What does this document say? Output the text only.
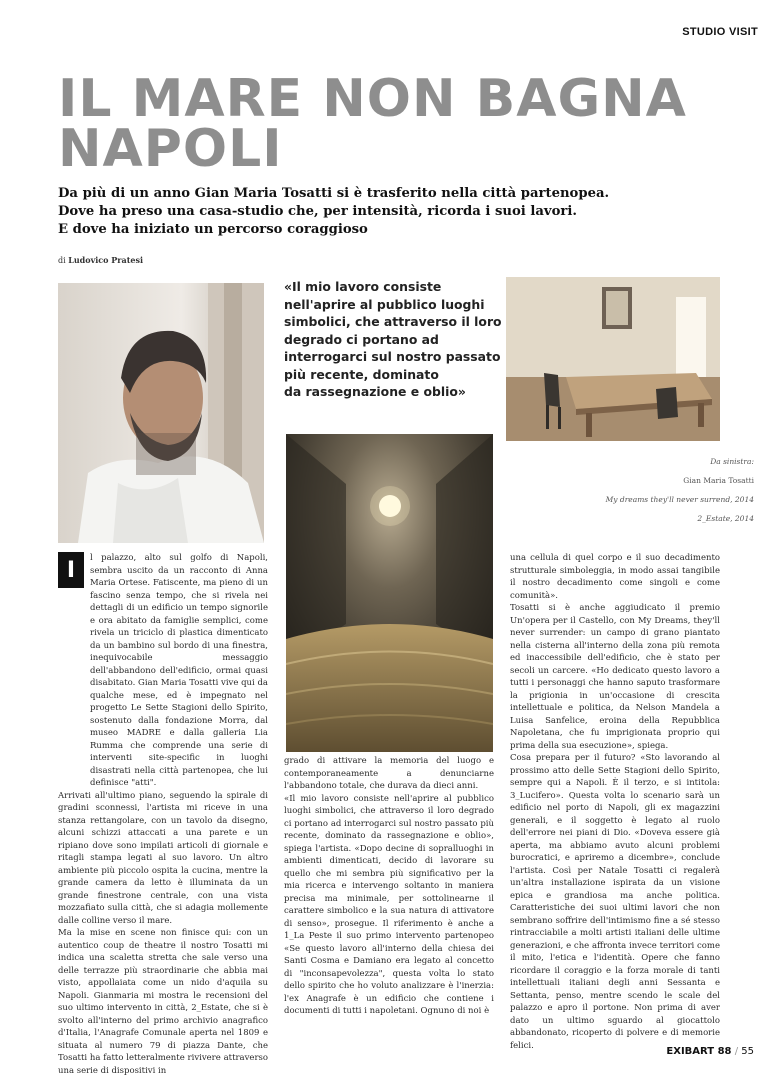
STUDIO VISIT
IL MARE NON BAGNA
NAPOLI

Da più di un anno Gian Maria Tosatti si è trasferito nella città partenopea.
Dove ha preso una casa-studio che, per intensità, ricorda i suoi lavori.
E dove ha iniziato un percorso coraggioso

di Ludovico Pratesi
«Il mio lavoro consiste
nell'aprire al pubblico luoghi
simbolici, che attraverso il loro
degrado ci portano ad
interrogarci sul nostro passato
più recente, dominato
da rassegnazione e oblio»
Da sinistra:
Gian Maria Tosatti
My dreams they'll never surrend, 2014
2_Estate, 2014
I	l palazzo, alto sul golfo di Napoli, sembra uscito da un racconto di Anna Maria Ortese. Fatiscente, ma pieno di un fascino senza tempo, che si rivela nei dettagli di un edificio un tempo signorile e ora abitato da famiglie semplici, come rivela un triciclo di plastica dimenticato da un bambino sul bordo di una finestra, inequivocabile messaggio dell'abbandono dell'edificio, ormai quasi disabitato. Gian Maria Tosatti vive qui da qualche mese, ed è impegnato nel progetto Le Sette Stagioni dello Spirito, sostenuto dalla fondazione Morra, dal museo MADRE e dalla galleria Lia Rumma che comprende una serie di interventi site-specific in luoghi disastrati nella città partenopea, che lui definisce "atti".

Arrivati all'ultimo piano, seguendo la spirale di gradini sconnessi, l'artista mi riceve in una stanza rettangolare, con un tavolo da disegno, alcuni schizzi attaccati a una parete e un ripiano dove sono impilati articoli di giornale e ritagli stampa legati al suo lavoro. Un altro ambiente più piccolo ospita la cucina, mentre la grande camera da letto è illuminata da un grande finestrone centrale, con una vista mozzafiato sulla città, che si adagia mollemente dalle colline verso il mare.

Ma la mise en scene non finisce qui: con un autentico coup de theatre il nostro Tosatti mi indica una scaletta stretta che sale verso una delle terrazze più straordinarie che abbia mai visto, appollaiata come un nido d'aquila su Napoli. Gianmaria mi mostra le recensioni del suo ultimo intervento in città, 2_Estate, che si è svolto all'interno del primo archivio anagrafico d'Italia, l'Anagrafe Comunale aperta nel 1809 e situata al numero 79 di piazza Dante, che Tosatti ha fatto letteralmente rivivere attraverso una serie di dispositivi in

grado di attivare la memoria del luogo e contemporaneamente a denunciarne l'abbandono totale, che durava da dieci anni.

«Il mio lavoro consiste nell'aprire al pubblico luoghi simbolici, che attraverso il loro degrado ci portano ad interrogarci sul nostro passato più recente, dominato da rassegnazione e oblio», spiega l'artista. «Dopo decine di sopralluoghi in ambienti dimenticati, decido di lavorare su quello che mi sembra più significativo per la mia ricerca e intervengo soltanto in maniera precisa ma minimale, per sottolinearne il carattere simbolico e la sua natura di attivatore di senso», prosegue. Il riferimento è anche a 1_La Peste il suo primo intervento partenopeo «Se questo lavoro all'interno della chiesa dei Santi Cosma e Damiano era legato al concetto di "inconsapevolezza", questa volta lo stato dello spirito che ho voluto analizzare è l'inerzia: l'ex Anagrafe è un edificio che contiene i documenti di tutti i napoletani. Ognuno di noi è

una cellula di quel corpo e il suo decadimento strutturale simboleggia, in modo assai tangibile il nostro decadimento come singoli e come comunità».

Tosatti si è anche aggiudicato il premio Un'opera per il Castello, con My Dreams, they'll never surrender: un campo di grano piantato nella cisterna all'interno della zona più remota ed inaccessibile dell'edificio, che è stato per secoli un carcere. «Ho dedicato questo lavoro a tutti i personaggi che hanno saputo trasformare la prigionia in un'occasione di crescita intellettuale e politica, da Nelson Mandela a Luisa Sanfelice, eroina della Repubblica Napoletana, che fu imprigionata proprio qui prima della sua esecuzione», spiega.

Cosa prepara per il futuro? «Sto lavorando al prossimo atto delle Sette Stagioni dello Spirito, sempre qui a Napoli. È il terzo, e si intitola: 3_Lucifero». Questa volta lo scenario sarà un edificio nel porto di Napoli, gli ex magazzini generali, e il soggetto è legato al ruolo dell'errore nei piani di Dio. «Doveva essere già aperta, ma abbiamo avuto alcuni problemi burocratici, e apriremo a dicembre», conclude l'artista. Così per Natale Tosatti ci regalerà un'altra installazione ispirata da un visione epica e grandiosa ma anche politica. Caratteristiche dei suoi ultimi lavori che non sembrano soffrire dell'intimismo fine a sé stesso rintracciabile a molti artisti italiani delle ultime generazioni, e che affronta invece territori come il mito, l'etica e l'identità. Opere che fanno ricordare il coraggio e la forza morale di tanti intellettuali italiani degli anni Sessanta e Settanta, penso, mentre scendo le scale del palazzo e apro il portone. Non prima di aver dato un ultimo sguardo al giocattolo abbandonato, ricoperto di polvere e di memorie felici.

EXIBART 88 / 55
